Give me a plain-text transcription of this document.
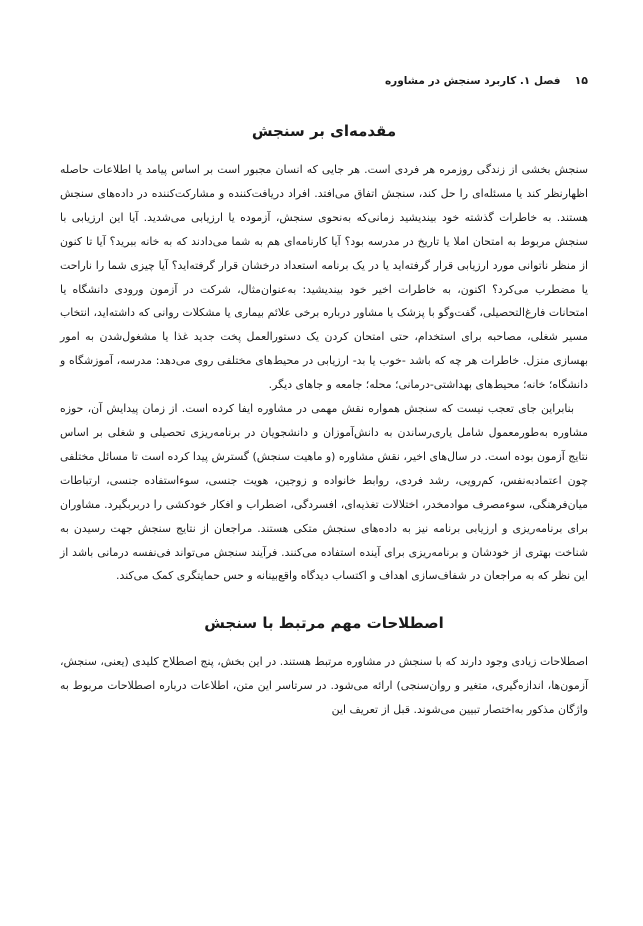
۱۵
فصل ۱. کاربرد سنجش در مشاوره
مقدمه‌ای بر سنجش

سنجش بخشی از زندگی روزمره هر فردی است. هر جایی که انسان مجبور است بر اساس پیامد یا اطلاعات حاصله اظهارنظر کند یا مسئله‌ای را حل کند، سنجش اتفاق می‌افتد. افراد دریافت‌کننده و مشارکت‌کننده در داده‌های سنجش هستند. به خاطرات گذشته خود بیندیشید زمانی‌که به‌نحوی سنجش، آزموده یا ارزیابی می‌شدید. آیا این ارزیابی با سنجش مربوط به امتحان املا یا تاریخ در مدرسه بود؟ آیا کارنامه‌ای هم به شما می‌دادند که به خانه ببرید؟ آیا تا کنون از منظر ناتوانی مورد ارزیابی قرار گرفته‌اید یا در یک برنامه استعداد درخشان قرار گرفته‌اید؟ آیا چیزی شما را ناراحت یا مضطرب می‌کرد؟ اکنون، به خاطرات اخیر خود بیندیشید: به‌عنوان‌مثال، شرکت در آزمون ورودی دانشگاه یا امتحانات فارغ‌التحصیلی، گفت‌وگو با پزشک یا مشاور درباره برخی علائم بیماری یا مشکلات روانی که داشته‌اید، انتخاب مسیر شغلی، مصاحبه برای استخدام، حتی امتحان کردن یک دستورالعمل پخت جدید غذا یا مشغول‌شدن به امور بهسازی منزل. خاطرات هر چه که باشد -خوب یا بد- ارزیابی در محیط‌های مختلفی روی می‌دهد: مدرسه، آموزشگاه و دانشگاه؛ خانه؛ محیط‌های بهداشتی-درمانی؛ محله؛ جامعه و جاهای دیگر.

بنابراین جای تعجب نیست که سنجش همواره نقش مهمی در مشاوره ایفا کرده است. از زمان پیدایش آن، حوزه مشاوره به‌طورمعمول شامل یاری‌رساندن به دانش‌آموزان و دانشجویان در برنامه‌ریزی تحصیلی و شغلی بر اساس نتایج آزمون بوده است. در سال‌های اخیر، نقش مشاوره (و ماهیت سنجش) گسترش پیدا کرده است تا مسائل مختلفی چون اعتمادبه‌نفس، کم‌رویی، رشد فردی، روابط خانواده و زوجین، هویت جنسی، سوءاستفاده جنسی، ارتباطات میان‌فرهنگی، سوءمصرف موادمخدر، اختلالات تغذیه‌ای، افسردگی، اضطراب و افکار خودکشی را دربربگیرد. مشاوران برای برنامه‌ریزی و ارزیابی برنامه نیز به داده‌های سنجش متکی هستند. مراجعان از نتایج سنجش جهت رسیدن به شناخت بهتری از خودشان و برنامه‌ریزی برای آینده استفاده می‌کنند. فرآیند سنجش می‌تواند فی‌نفسه درمانی باشد از این نظر که به مراجعان در شفاف‌سازی اهداف و اکتساب دیدگاه واقع‌بینانه و حس حمایتگری کمک می‌کند.

اصطلاحات مهم مرتبط با سنجش

اصطلاحات زیادی وجود دارند که با سنجش در مشاوره مرتبط هستند. در این بخش، پنج اصطلاح کلیدی (یعنی، سنجش، آزمون‌ها، اندازه‌گیری، متغیر و روان‌سنجی) ارائه می‌شود. در سرتاسر این متن، اطلاعات درباره اصطلاحات مربوط به واژگان مذکور به‌اختصار تبیین می‌شوند. قبل از تعریف این
